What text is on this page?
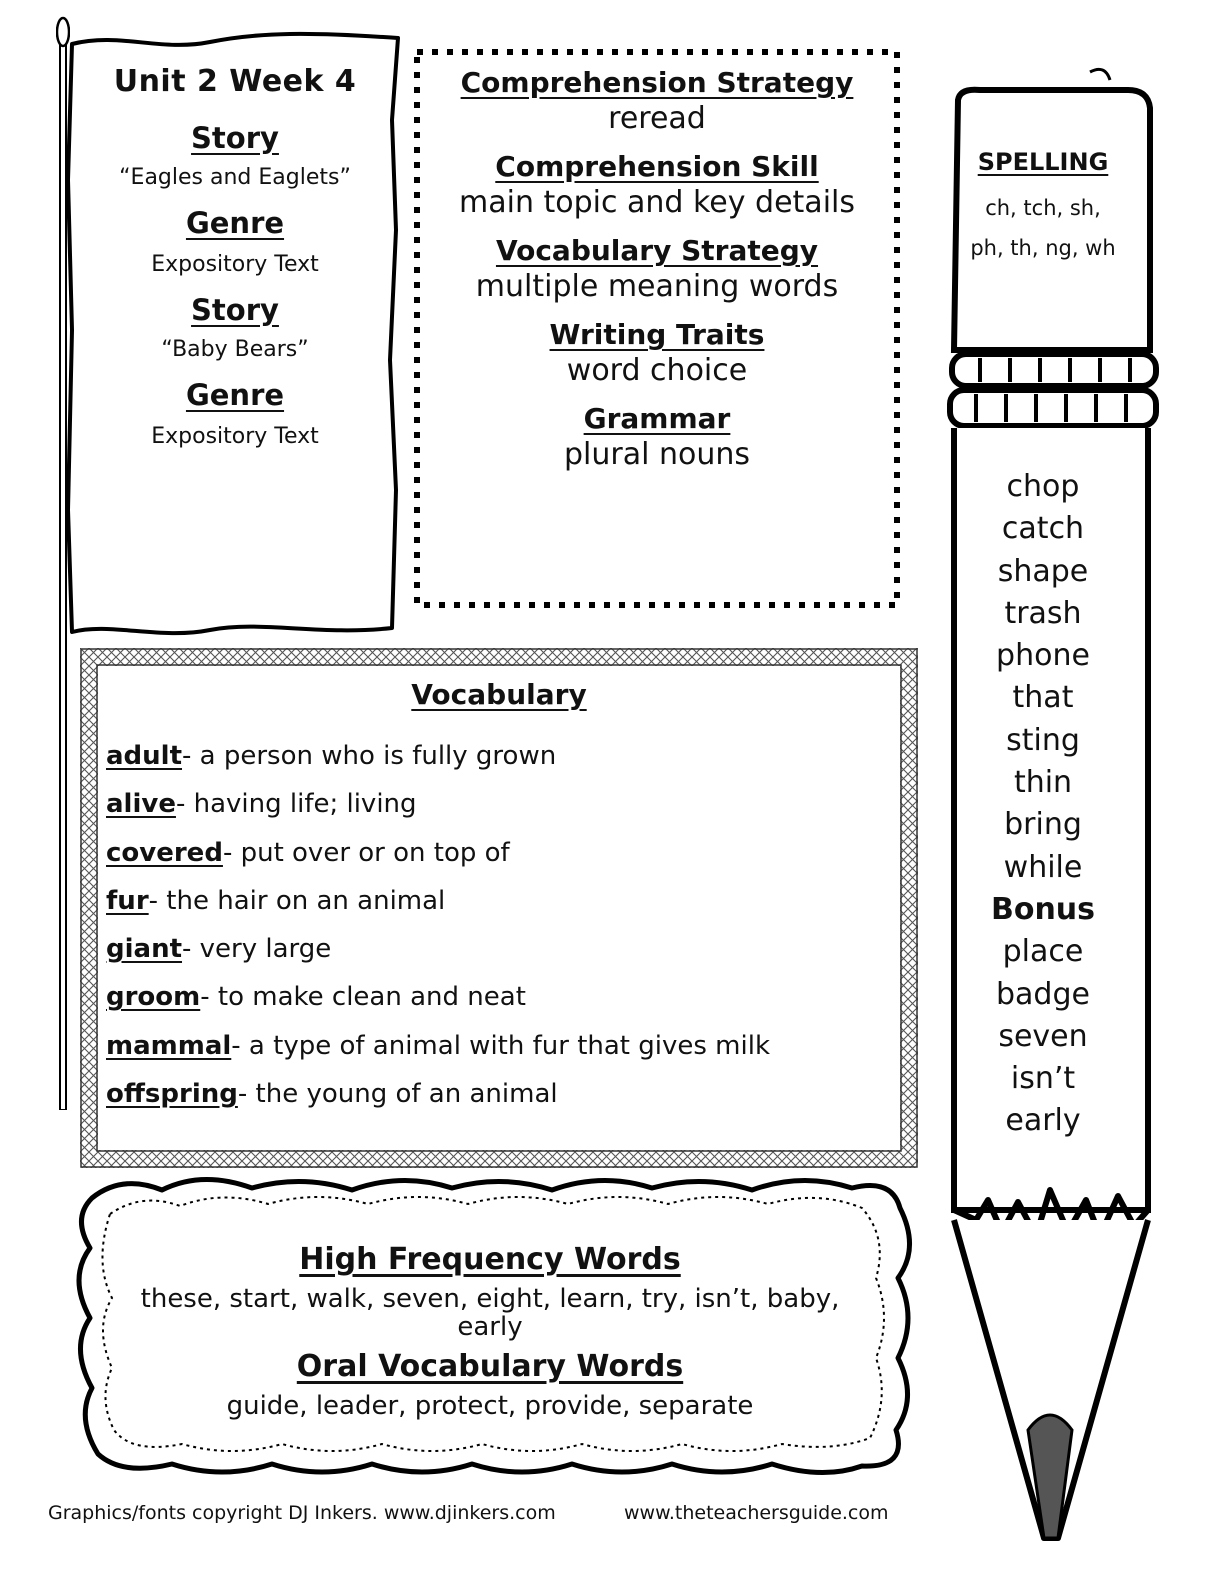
Unit 2 Week 4
Story
“Eagles and Eaglets”
Genre
Expository Text
Story
“Baby Bears”
Genre
Expository Text
Comprehension Strategy
reread
Comprehension Skill
main topic and key details
Vocabulary Strategy
multiple meaning words
Writing Traits
word choice
Grammar
plural nouns
Vocabulary
adult- a person who is fully grown
alive- having life; living
covered- put over or on top of
fur- the hair on an animal
giant- very large
groom- to make clean and neat
mammal- a type of animal with fur that gives milk
offspring- the young of an animal
High Frequency Words
these, start, walk, seven, eight, learn, try, isn’t, baby,
early
Oral Vocabulary Words
guide, leader, protect, provide, separate
SPELLING
ch, tch, sh,
ph, th, ng, wh
chop
catch
shape
trash
phone
that
sting
thin
bring
while
Bonus
place
badge
seven
isn’t
early
Graphics/fonts copyright DJ Inkers. www.djinkers.com	www.theteachersguide.com
